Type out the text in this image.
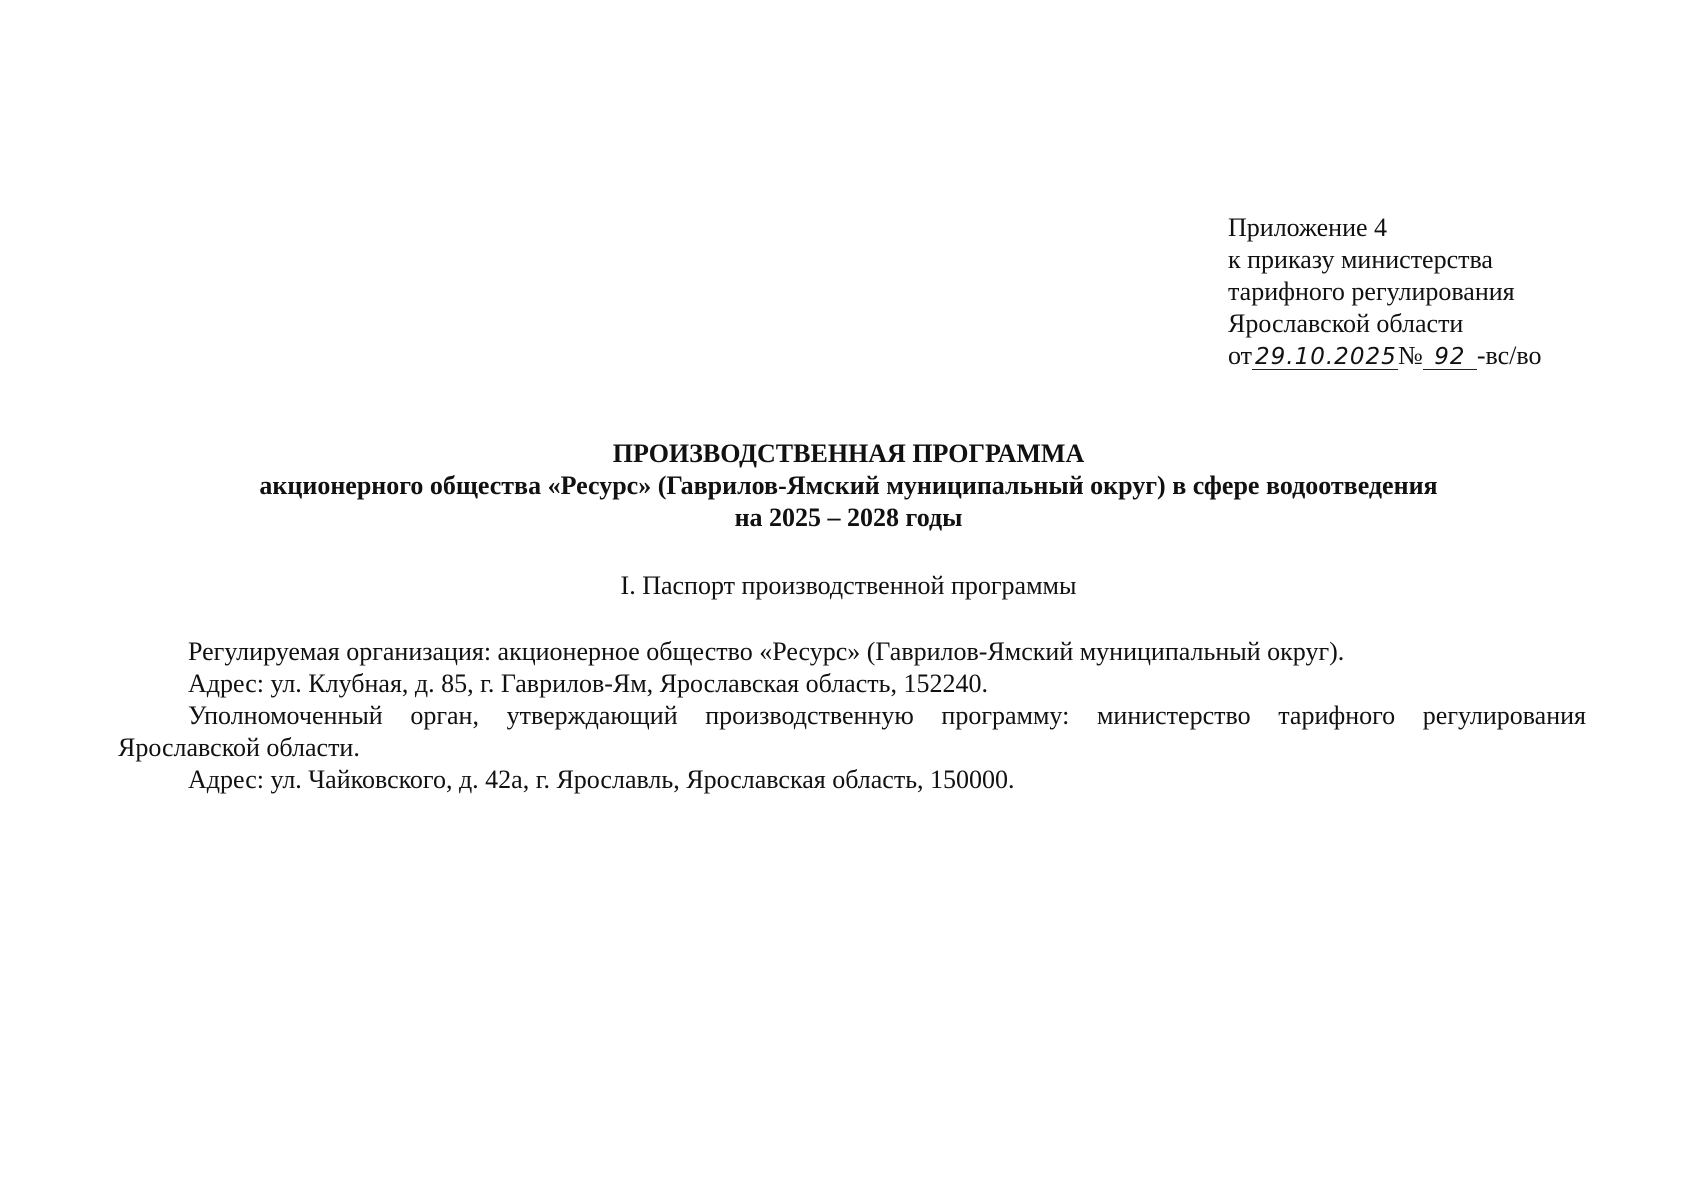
Приложение 4
к приказу министерства
тарифного регулирования
Ярославской области
от 29.10.2025№ 92 -вс/во
ПРОИЗВОДСТВЕННАЯ ПРОГРАММА
акционерного общества «Ресурс» (Гаврилов-Ямский муниципальный округ) в сфере водоотведения
на 2025 – 2028 годы
I. Паспорт производственной программы

Регулируемая организация: акционерное общество «Ресурс» (Гаврилов-Ямский муниципальный округ).

Адрес: ул. Клубная, д. 85, г. Гаврилов-Ям, Ярославская область, 152240.

Уполномоченный орган, утверждающий производственную программу: министерство тарифного регулирования Ярославской области.

Адрес: ул. Чайковского, д. 42а, г. Ярославль, Ярославская область, 150000.
